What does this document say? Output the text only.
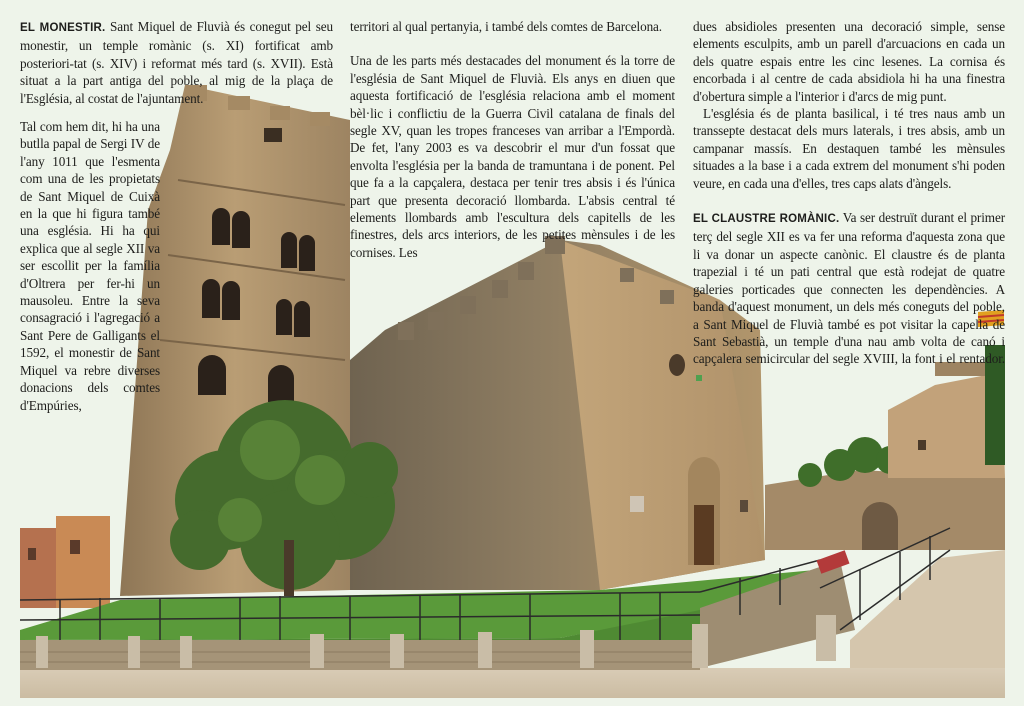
EL MONESTIR. Sant Miquel de Fluvià és conegut pel seu monestir, un temple romànic (s. XI) fortificat amb posteriori-tat (s. XIV) i reformat més tard (s. XVII). Està situat a la part antiga del poble, al mig de la plaça de l'Església, al costat de l'ajuntament.

Tal com hem dit, hi ha una butlla papal de Sergi IV de l'any 1011 que l'esmenta com una de les propietats de Sant Miquel de Cuixà en la que hi figura també una església. Hi ha qui explica que al segle XII va ser escollit per la família d'Oltrera per fer-hi un mausoleu. Entre la seva consagració i l'agregació a Sant Pere de Galligants el 1592, el monestir de Sant Miquel va rebre diverses donacions dels comtes d'Empúries,

territori al qual pertanyia, i també dels comtes de Barcelona.

Una de les parts més destacades del monument és la torre de l'església de Sant Miquel de Fluvià. Els anys en diuen que aquesta fortificació de l'església relaciona amb el moment bèl·lic i conflictiu de la Guerra Civil catalana de finals del segle XV, quan les tropes franceses van arribar a l'Empordà. De fet, l'any 2003 es va descobrir el mur d'un fossat que envolta l'església per la banda de tramuntana i de ponent. Pel que fa a la capçalera, destaca per tenir tres absis i és l'única part que presenta decoració llombarda. L'absis central té elements llombards amb l'escultura dels capitells de les finestres, dels arcs interiors, de les petites mènsules i de les cornises. Les

dues absidioles presenten una decoració simple, sense elements esculpits, amb un parell d'arcuacions en cada un dels quatre espais entre les cinc lesenes. La cornisa és encorbada i al centre de cada absidiola hi ha una finestra d'obertura simple a l'interior i d'arcs de mig punt.

L'església és de planta basilical, i té tres naus amb un transsepte destacat dels murs laterals, i tres absis, amb un campanar massís. En destaquen també les mènsules situades a la base i a cada extrem del monument s'hi poden veure, en cada una d'elles, tres caps alats d'àngels.

EL CLAUSTRE ROMÀNIC. Va ser destruït durant el primer terç del segle XII es va fer una reforma d'aquesta zona que li va donar un aspecte canònic. El claustre és de planta trapezial i té un pati central que està rodejat de quatre galeries porticades que connecten les dependències. A banda d'aquest monument, un dels més coneguts del poble, a Sant Miquel de Fluvià també es pot visitar la capella de Sant Sebastià, un temple d'una nau amb volta de canó i capçalera semicircular del segle XVIII, la font i el rentador.
